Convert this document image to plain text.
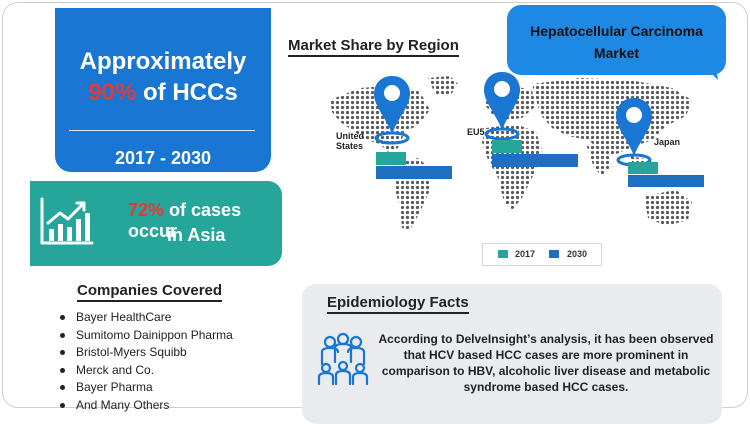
Approximately
90% of HCCs
2017 - 2030
72% of cases occur
in Asia
Companies Covered
Bayer HealthCare
Sumitomo Dainippon Pharma
Bristol-Myers Squibb
Merck and Co.
Bayer Pharma
And Many Others
Market Share by Region
Hepatocellular Carcinoma
Market
United
States
EU5
Japan
2017	2030
Epidemiology Facts
According to DelveInsight’s analysis, it has been observed that HCV based HCC cases are more prominent in comparison to HBV, alcoholic liver disease and metabolic syndrome based HCC cases.
